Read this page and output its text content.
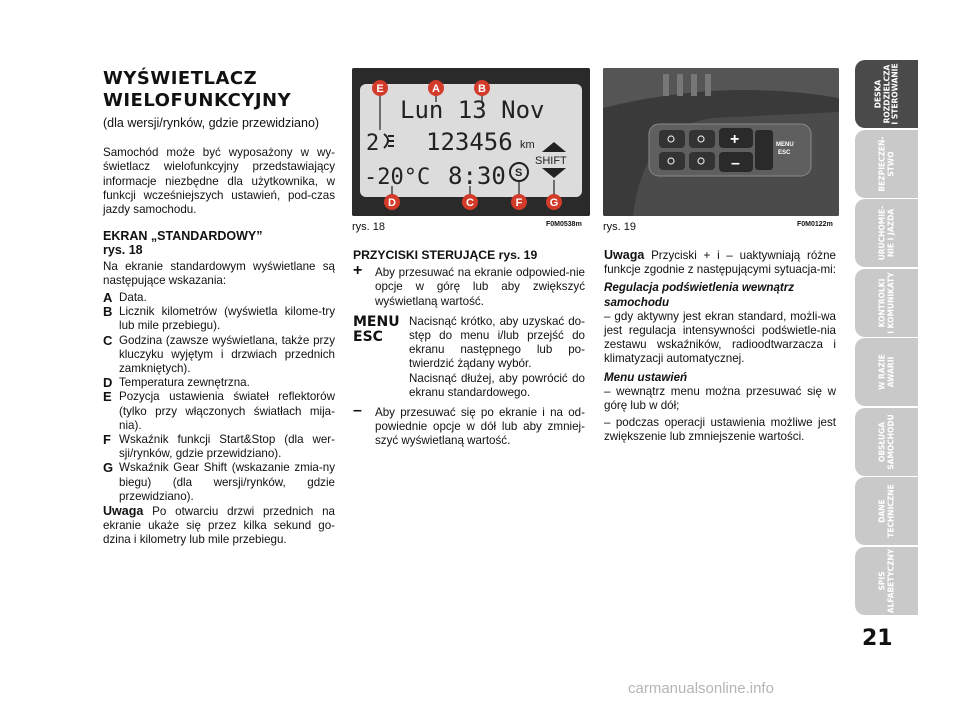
WYŚWIETLACZ
WIELOFUNKCYJNY
(dla wersji/rynków, gdzie przewidziano)

Samochód może być wyposażony w wy-świetlacz wielofunkcyjny przedstawiający informacje niezbędne dla użytkownika, w funkcji wcześniejszych ustawień, pod-czas jazdy samochodu.

EKRAN „STANDARDOWY”

rys. 18

Na ekranie standardowym wyświetlane są następujące wskazania:

A Data.
B Licznik kilometrów (wyświetla kilome-try lub mile przebiegu).
C Godzina (zawsze wyświetlana, także przy kluczyku wyjętym i drzwiach przednich zamkniętych).
D Temperatura zewnętrzna.
E Pozycja ustawienia świateł reflektorów (tylko przy włączonych światłach mija-nia).
F Wskaźnik funkcji Start&Stop (dla wer-sji/rynków, gdzie przewidziano).
G Wskaźnik Gear Shift (wskazanie zmia-ny biegu) (dla wersji/rynków, gdzie przewidziano).

Uwaga Po otwarciu drzwi przednich na ekranie ukaże się przez kilka sekund go-dzina i kilometry lub mile przebiegu.

Lun 13 Nov
2 123456 km
-20°C 8:30 S
SHIFT
E	A	B
D	C	F G
rys. 18	F0M0538m
+
–
MENU
ESC
rys. 19	F0M0122m

PRZYCISKI STERUJĄCE rys. 19

+ Aby przesuwać na ekranie odpowied-nie opcje w górę lub aby zwiększyć wyświetlaną wartość.
MENU
ESC

Nacisnąć krótko, aby uzyskać do-stęp do menu i/lub przejść do ekranu następnego lub po-twierdzić żądany wybór.

Nacisnąć dłużej, aby powrócić do ekranu standardowego.

– Aby przesuwać się po ekranie i na od-powiednie opcje w dół lub aby zmniej-szyć wyświetlaną wartość.

Uwaga Przyciski + i – uaktywniają różne funkcje zgodnie z następującymi sytuacja-mi:

Regulacja podświetlenia wewnątrz samochodu

– gdy aktywny jest ekran standard, możli-wa jest regulacja intensywności podświetle-nia zestawu wskaźników, radioodtwarzacza i klimatyzacji automatycznej.

Menu ustawień

– wewnątrz menu można przesuwać się w górę lub w dół;

– podczas operacji ustawienia możliwe jest zwiększenie lub zmniejszenie wartości.

DESKA
ROZDZIELCZA
I STEROWANIE
BEZPIECZEŃ-
STWO
URUCHOMIE-
NIE I JAZDA
KONTROLKI
I KOMUNIKATY
W RAZIE
AWARII
OBSŁUGA
SAMOCHODU
DANE
TECHNICZNE
SPIS
ALFABETYCZNY
21
carmanualsonline.info
